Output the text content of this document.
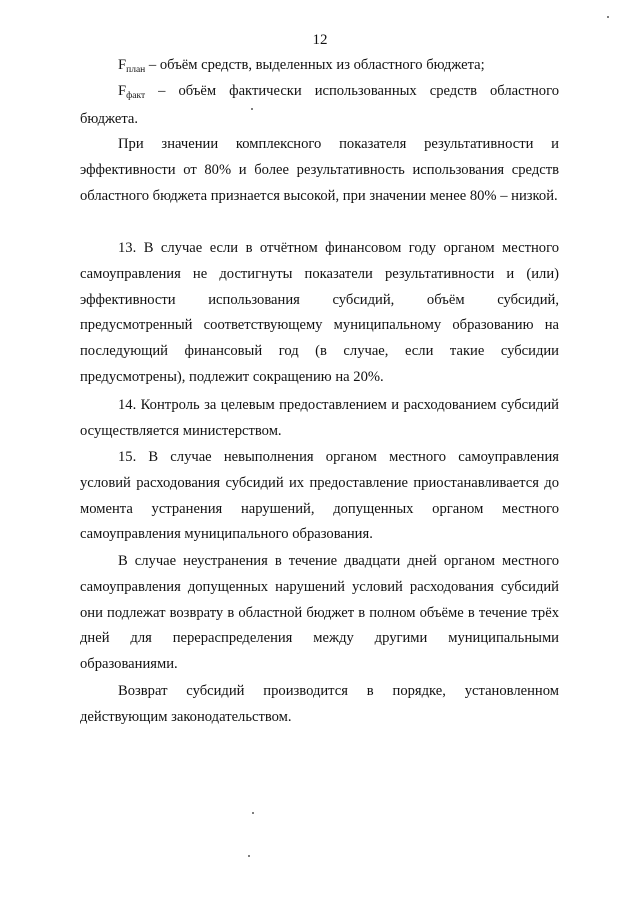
12

$F_{план}$ – объём средств, выделенных из областного бюджета;

$F_{факт}$ – объём фактически использованных средств областного бюджета.

При значении комплексного показателя результативности и эффективности от 80% и более результативность использования средств областного бюджета признается высокой, при значении менее 80% – низкой.

13. В случае если в отчётном финансовом году органом местного самоуправления не достигнуты показатели результативности и (или) эффективности использования субсидий, объём субсидий, предусмотренный соответствующему муниципальному образованию на последующий финансовый год (в случае, если такие субсидии предусмотрены), подлежит сокращению на 20%.

14. Контроль за целевым предоставлением и расходованием субсидий осуществляется министерством.

15. В случае невыполнения органом местного самоуправления условий расходования субсидий их предоставление приостанавливается до момента устранения нарушений, допущенных органом местного самоуправления муниципального образования.

В случае неустранения в течение двадцати дней органом местного самоуправления допущенных нарушений условий расходования субсидий они подлежат возврату в областной бюджет в полном объёме в течение трёх дней для перераспределения между другими муниципальными образованиями.

Возврат субсидий производится в порядке, установленном действующим законодательством.
